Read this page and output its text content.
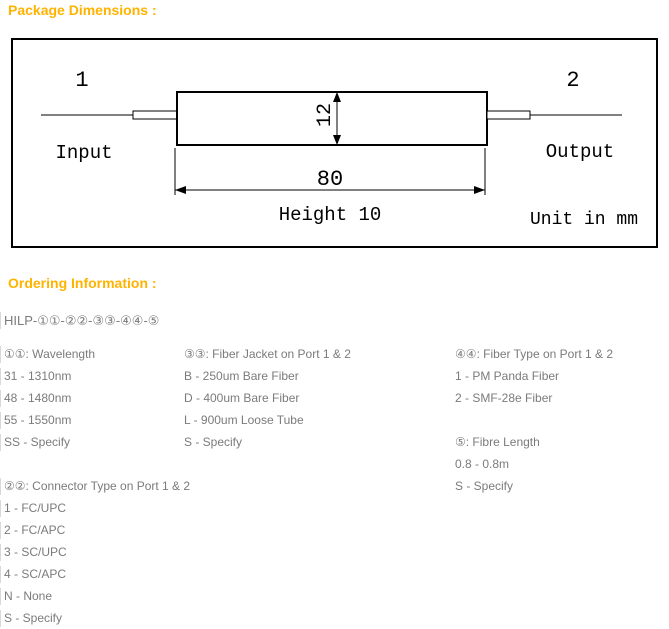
Package Dimensions :
12
80
1	2
Input	Output
Height 10	Unit in mm
Ordering Information :
HILP-①①-②②-③③-④④-⑤
①①: Wavelength
31 - 1310nm
48 - 1480nm
55 - 1550nm
SS - Specify
②②: Connector Type on Port 1 & 2
1 - FC/UPC
2 - FC/APC
3 - SC/UPC
4 - SC/APC
N - None
S - Specify
③③: Fiber Jacket on Port 1 & 2
B - 250um Bare Fiber
D - 400um Bare Fiber
L - 900um Loose Tube
S - Specify
④④: Fiber Type on Port 1 & 2
1 - PM Panda Fiber
2 - SMF-28e Fiber
⑤: Fibre Length
0.8 - 0.8m
S - Specify
